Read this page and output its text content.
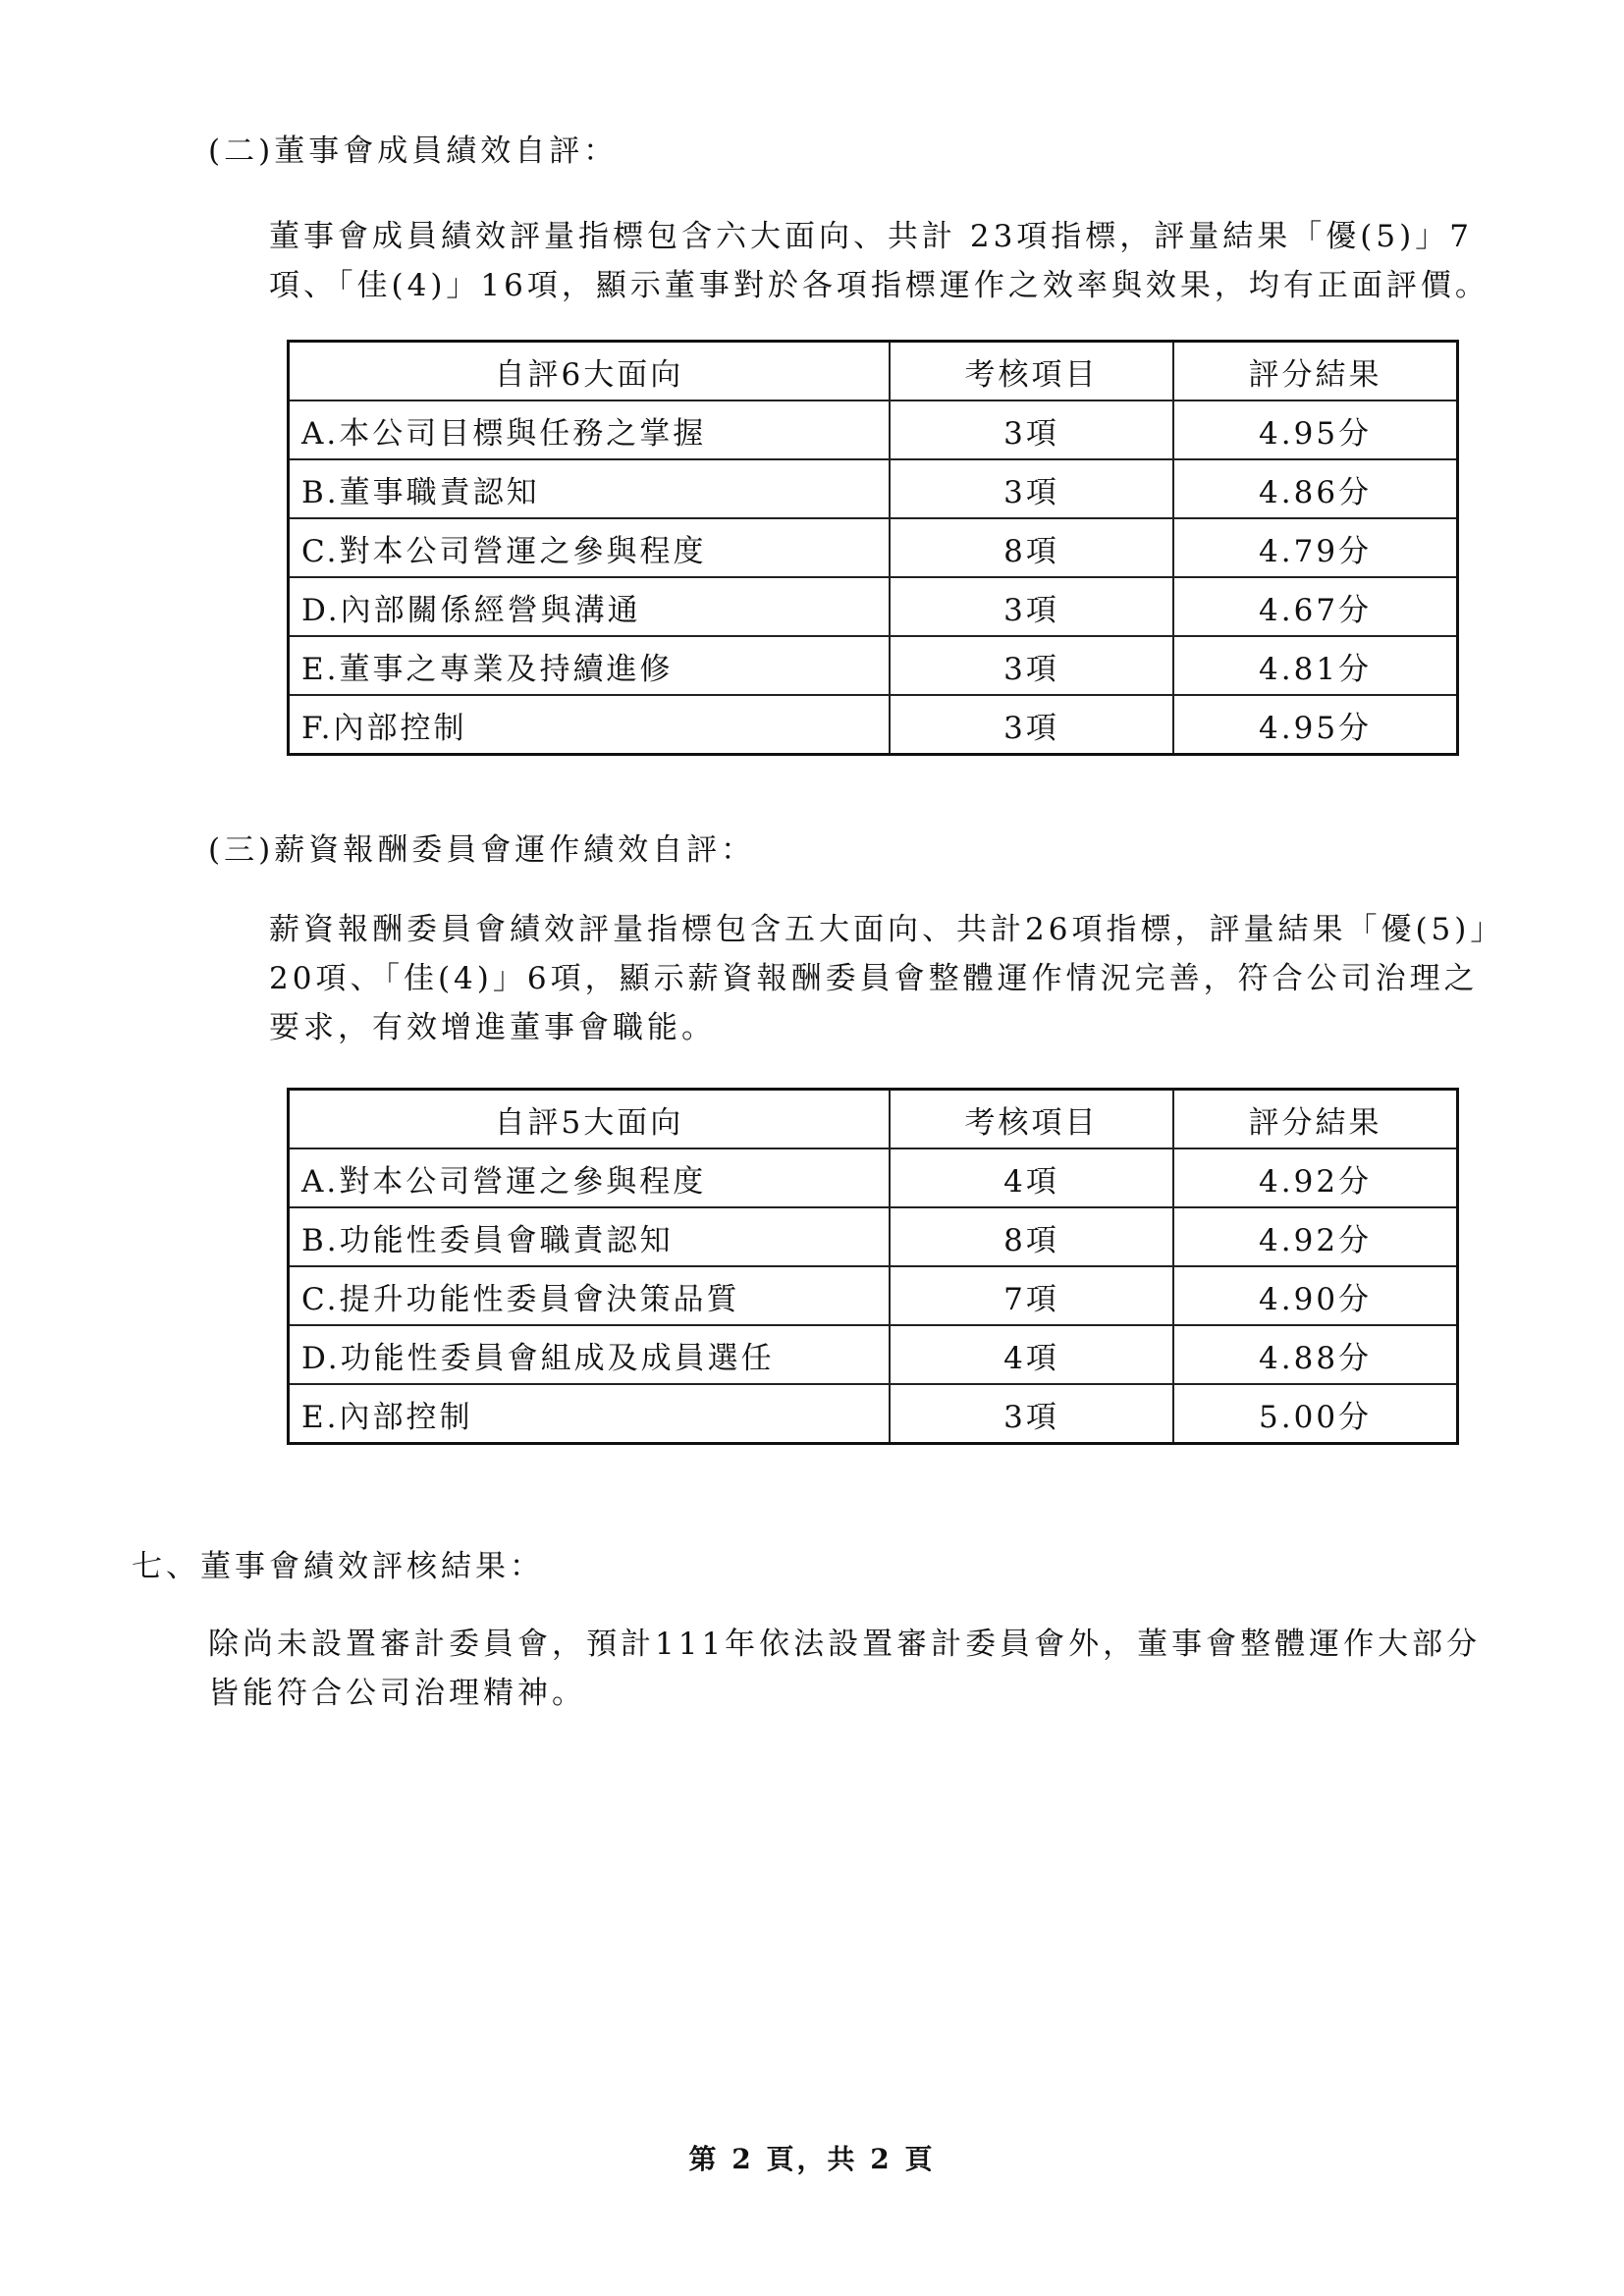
(二)董事會成員績效自評：
董事會成員績效評量指標包含六大面向、共計 23項指標，評量結果「優(5)」7
項、「佳(4)」16項，顯示董事對於各項指標運作之效率與效果，均有正面評價。
自評6大面向	考核項目	評分結果
A.本公司目標與任務之掌握	3項	4.95分
B.董事職責認知	3項	4.86分
C.對本公司營運之參與程度	8項	4.79分
D.內部關係經營與溝通	3項	4.67分
E.董事之專業及持續進修	3項	4.81分
F.內部控制	3項	4.95分
(三)薪資報酬委員會運作績效自評：
薪資報酬委員會績效評量指標包含五大面向、共計26項指標，評量結果「優(5)」
20項、「佳(4)」6項，顯示薪資報酬委員會整體運作情況完善，符合公司治理之
要求，有效增進董事會職能。
自評5大面向	考核項目	評分結果
A.對本公司營運之參與程度	4項	4.92分
B.功能性委員會職責認知	8項	4.92分
C.提升功能性委員會決策品質	7項	4.90分
D.功能性委員會組成及成員選任	4項	4.88分
E.內部控制	3項	5.00分
七、董事會績效評核結果：
除尚未設置審計委員會，預計111年依法設置審計委員會外，董事會整體運作大部分
皆能符合公司治理精神。
第 2 頁，共 2 頁
